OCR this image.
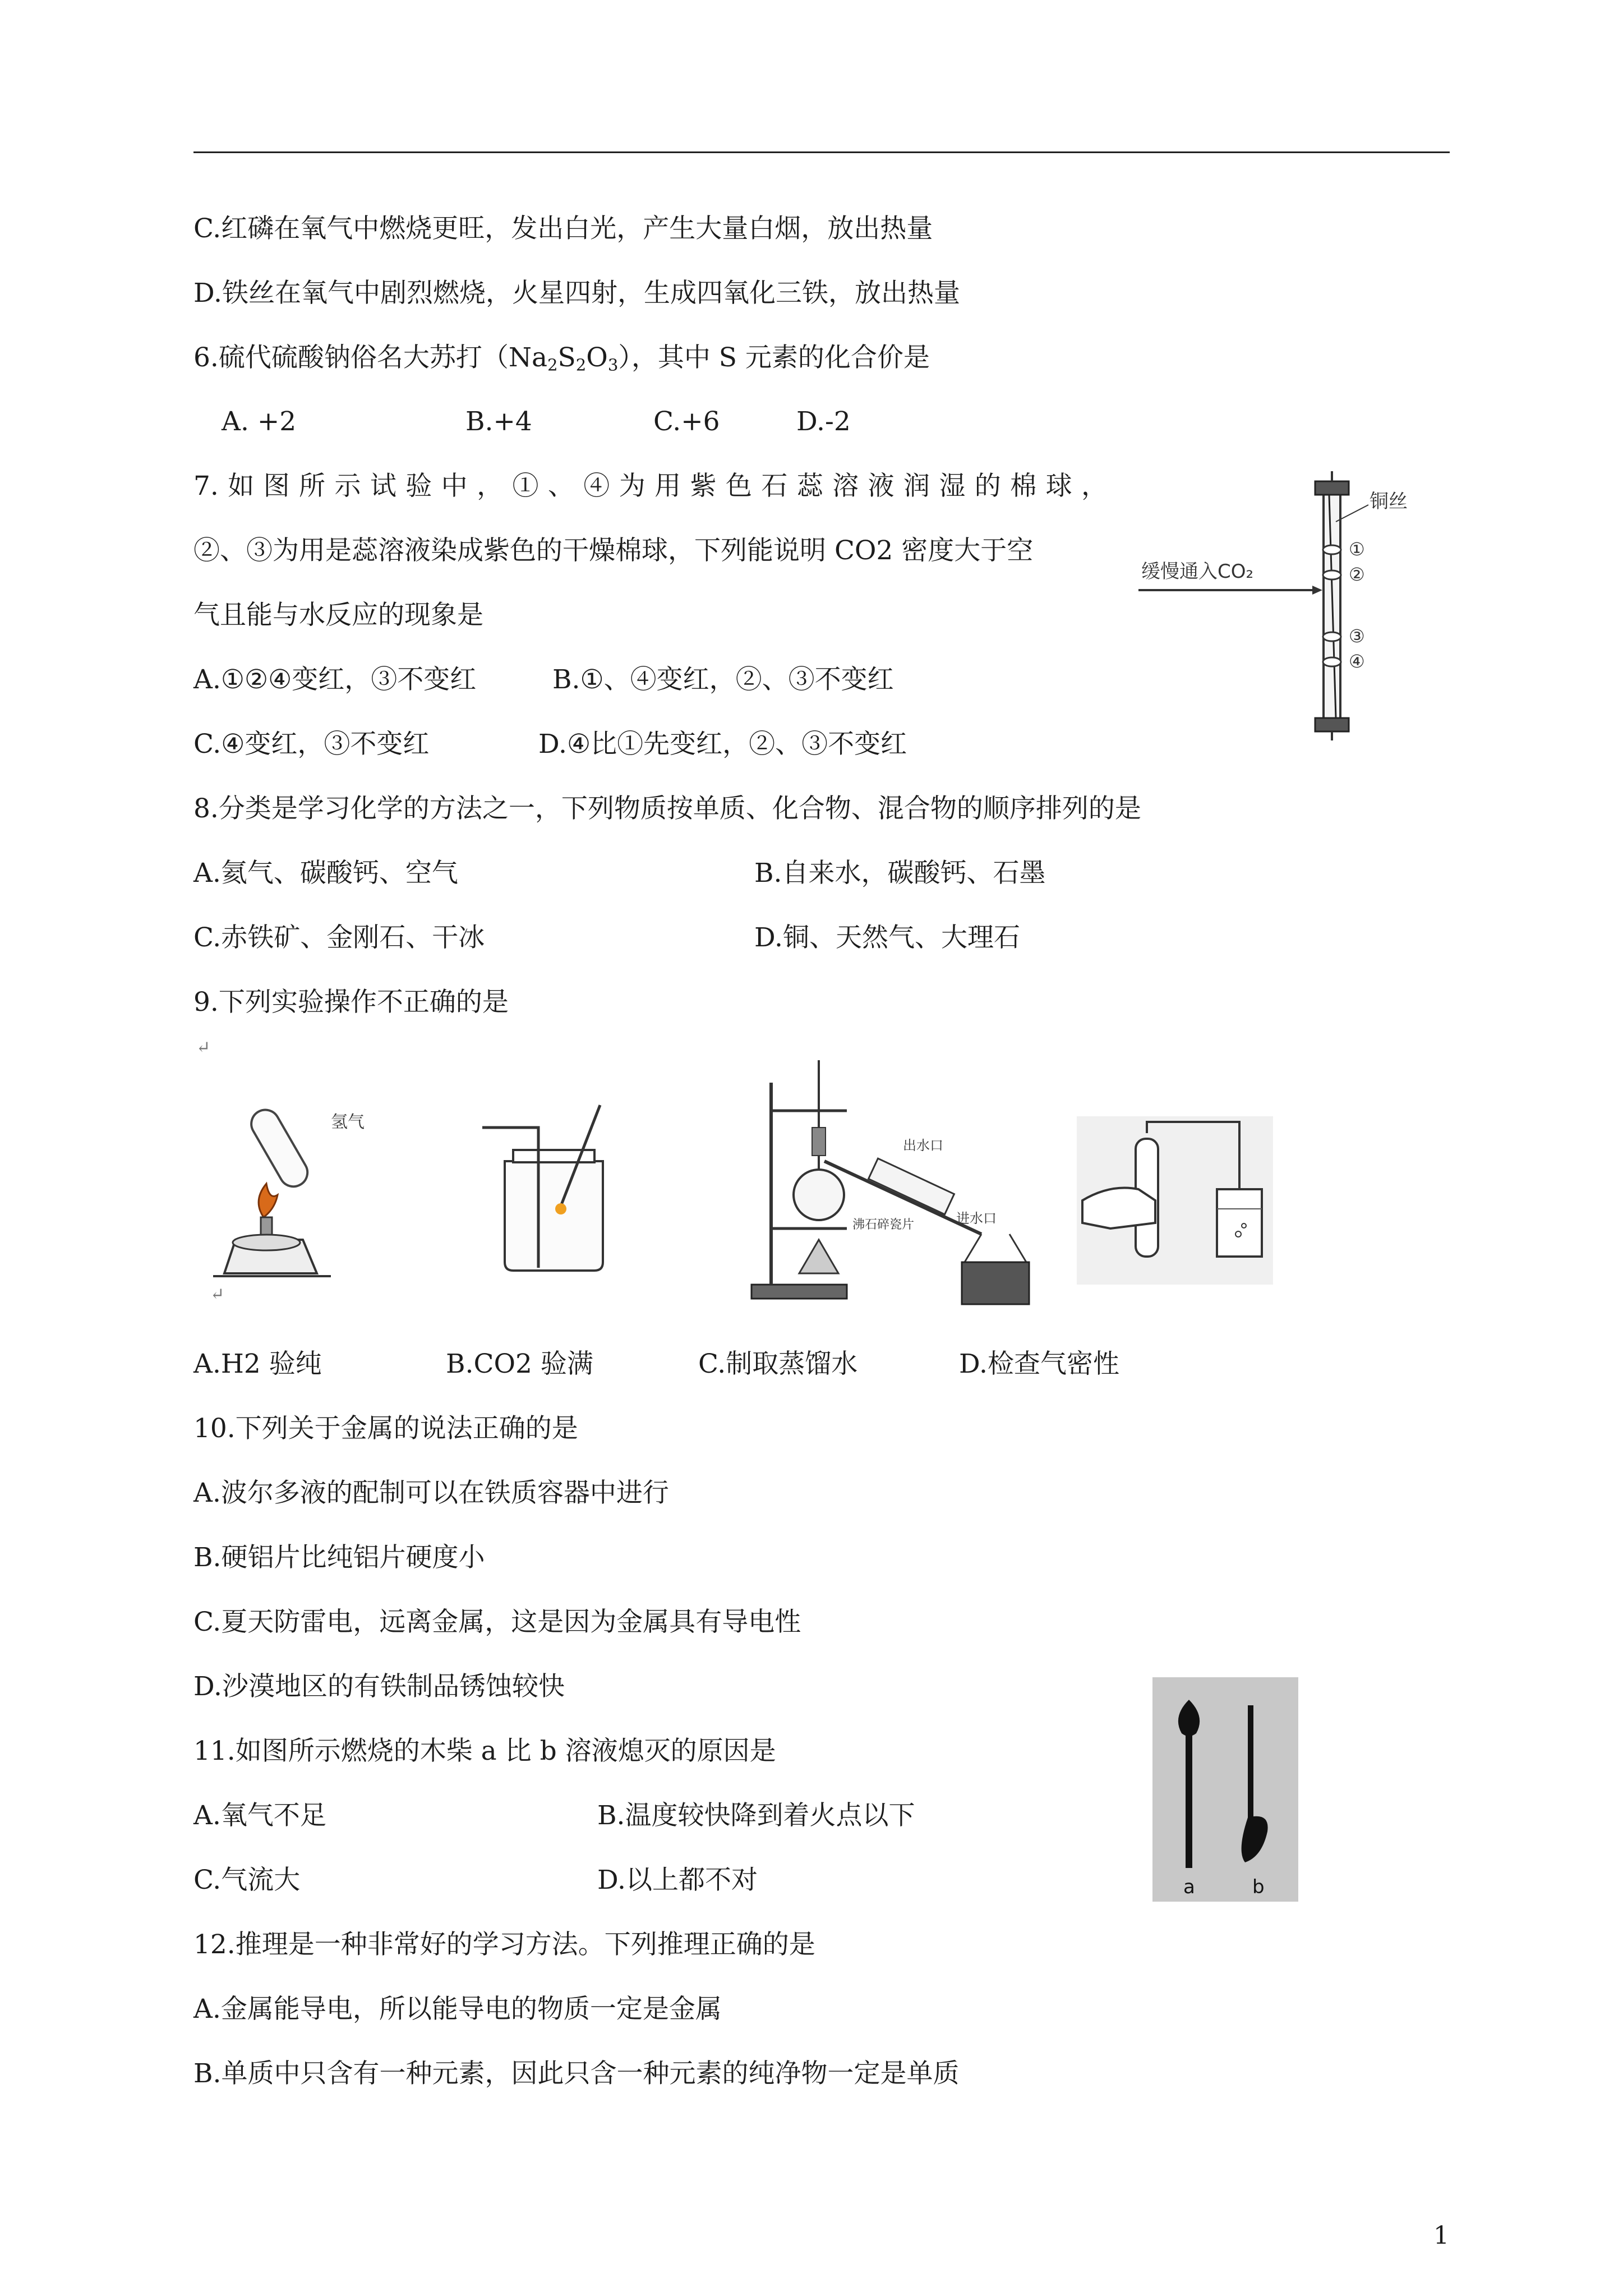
C.红磷在氧气中燃烧更旺，发出白光，产生大量白烟，放出热量
D.铁丝在氧气中剧烈燃烧，火星四射，生成四氧化三铁，放出热量
6.硫代硫酸钠俗名大苏打$(Na_2S_2O_3)$，其中 S 元素的化合价是
A. +2	B.+4	C.+6	D.-2
7.如图所示试验中，①、④为用紫色石蕊溶液润湿的棉球，
②、③为用是蕊溶液染成紫色的干燥棉球，下列能说明 CO2 密度大于空
气且能与水反应的现象是
A.①②④变红，③不变红	B.①、④变红，②、③不变红
C.④变红，③不变红	D.④比①先变红，②、③不变红
缓慢通入CO₂
铜丝
①
②
③
④
8.分类是学习化学的方法之一，下列物质按单质、化合物、混合物的顺序排列的是
A.氦气、碳酸钙、空气	B.自来水，碳酸钙、石墨
C.赤铁矿、金刚石、干冰	D.铜、天然气、大理石
9.下列实验操作不正确的是
↵
氢气
↵
出水口
进水口
沸石碎瓷片
A.H2 验纯	B.CO2 验满	C.制取蒸馏水	D.检查气密性
10.下列关于金属的说法正确的是
A.波尔多液的配制可以在铁质容器中进行
B.硬铝片比纯铝片硬度小
C.夏天防雷电，远离金属，这是因为金属具有导电性
D.沙漠地区的有铁制品锈蚀较快
11.如图所示燃烧的木柴 a 比 b 溶液熄灭的原因是
A.氧气不足	B.温度较快降到着火点以下
C.气流大	D.以上都不对	a	b
12.推理是一种非常好的学习方法。下列推理正确的是
A.金属能导电，所以能导电的物质一定是金属
B.单质中只含有一种元素，因此只含一种元素的纯净物一定是单质
1
